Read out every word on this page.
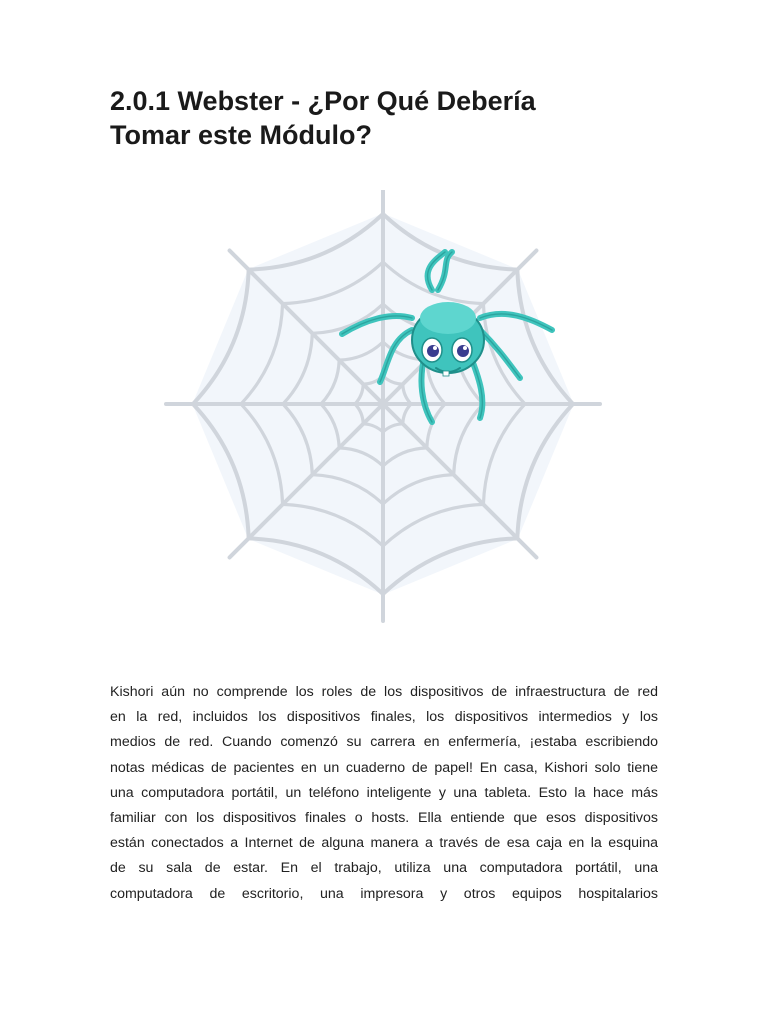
2.0.1 Webster - ¿Por Qué Debería
Tomar este Módulo?
Kishori aún no comprende los roles de los dispositivos de infraestructura de red
en la red, incluidos los dispositivos finales, los dispositivos intermedios y los
medios de red. Cuando comenzó su carrera en enfermería, ¡estaba escribiendo
notas médicas de pacientes en un cuaderno de papel! En casa, Kishori solo tiene
una computadora portátil, un teléfono inteligente y una tableta. Esto la hace más
familiar con los dispositivos finales o hosts. Ella entiende que esos dispositivos
están conectados a Internet de alguna manera a través de esa caja en la esquina
de su sala de estar. En el trabajo, utiliza una computadora portátil, una
computadora de escritorio, una impresora y otros equipos hospitalarios
